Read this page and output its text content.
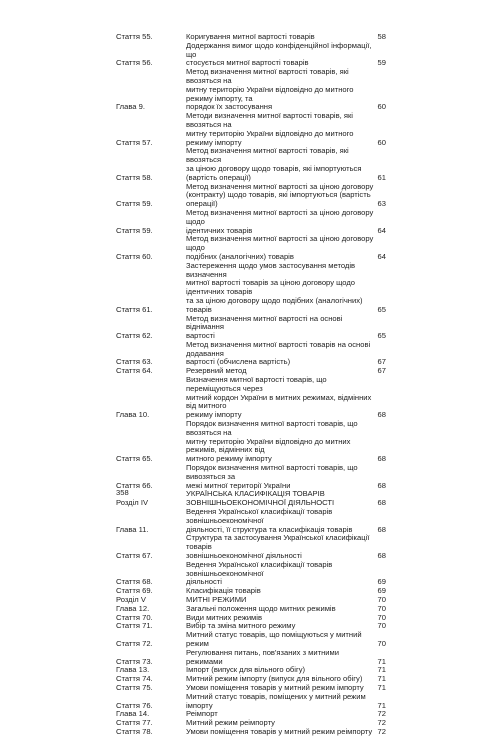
Стаття 55.	Коригування митної вартості товарів	58
Стаття 56.
Додержання вимог щодо конфіденційної інформації, що
стосується митної вартості товарів	59
Глава 9.
Метод визначення митної вартості товарів, які ввозяться на
митну територію України відповідно до митного режиму імпорту, та
порядок їх застосування	60
Стаття 57.
Методи визначення митної вартості товарів, які ввозяться на
митну територію України відповідно до митного режиму імпорту	60
Стаття 58.
Метод визначення митної вартості товарів, які ввозяться
за ціною договору щодо товарів, які імпортуються (вартість операції)	61
Стаття 59.
Метод визначення митної вартості за ціною договору
(контракту) щодо товарів, які імпортуються (вартість операції)	63
Стаття 59.
Метод визначення митної вартості за ціною договору щодо
ідентичних товарів	64
Стаття 60.
Метод визначення митної вартості за ціною договору щодо
подібних (аналогічних) товарів	64
Стаття 61.
Застереження щодо умов застосування методів визначення
митної вартості товарів за ціною договору щодо ідентичних товарів
та за ціною договору щодо подібних (аналогічних) товарів	65
Стаття 62.
Метод визначення митної вартості на основі віднімання
вартості	65
Стаття 63.
Метод визначення митної вартості товарів на основі додавання
вартості (обчислена вартість)	67
Стаття 64.	Резервний метод	67
Глава 10.
Визначення митної вартості товарів, що переміщуються через
митний кордон України в митних режимах, відмінних від митного
режиму імпорту	68
Стаття 65.
Порядок визначення митної вартості товарів, що ввозяться на
митну територію України відповідно до митних режимів, відмінних від
митного режиму імпорту	68
Стаття 66.
Порядок визначення митної вартості товарів, що вивозяться за
межі митної території України	68
Розділ IV
УКРАЇНСЬКА КЛАСИФІКАЦІЯ ТОВАРІВ
ЗОВНІШНЬОЕКОНОМІЧНОЇ ДІЯЛЬНОСТІ	68
Глава 11.
Ведення Української класифікації товарів зовнішньоекономічної
діяльності, її структура та класифікація товарів	68
Стаття 67.
Структура та застосування Української класифікації товарів
зовнішньоекономічної діяльності	68
Стаття 68.
Ведення Української класифікації товарів зовнішньоекономічної
діяльності	69
Стаття 69.	Класифікація товарів	69
Розділ V	МИТНІ РЕЖИМИ	70
Глава 12.	Загальні положення щодо митних режимів	70
Стаття 70.	Види митних режимів	70
Стаття 71.	Вибір та зміна митного режиму	70
Стаття 72.
Митний статус товарів, що поміщуються у митний режим	70
Стаття 73.
Регулювання питань, пов'язаних з митними режимами	71
Глава 13.	Імпорт (випуск для вільного обігу)	71
Стаття 74.	Митний режим імпорту (випуск для вільного обігу)	71
Стаття 75.	Умови поміщення товарів у митний режим імпорту	71
Стаття 76.
Митний статус товарів, поміщених у митний режим імпорту	71
Глава 14.	Реімпорт	72
Стаття 77.	Митний режим реімпорту	72
Стаття 78.	Умови поміщення товарів у митний режим реімпорту 72
358
